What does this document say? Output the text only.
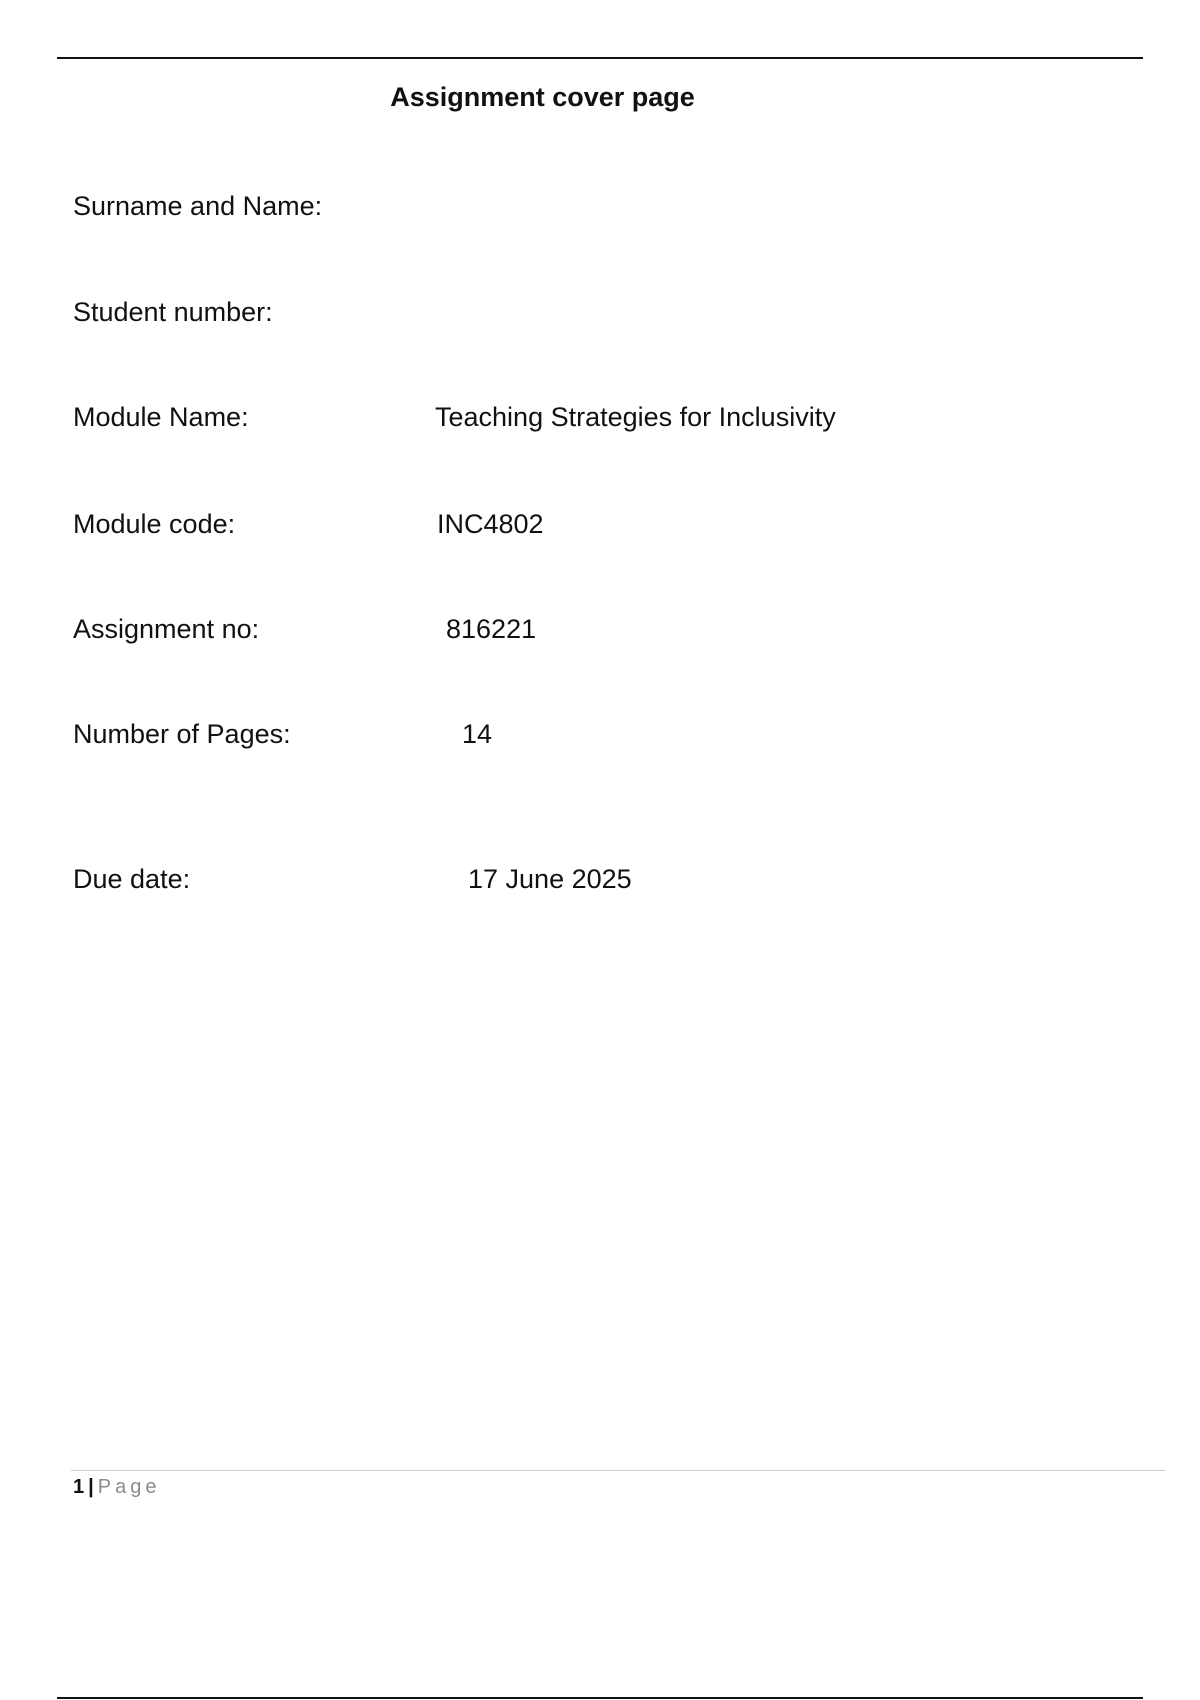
Assignment cover page
Surname and Name:
Student number:
Module Name:	Teaching Strategies for Inclusivity
Module code:	INC4802
Assignment no:	816221
Number of Pages:	14
Due date:	17 June 2025
1 | Page
